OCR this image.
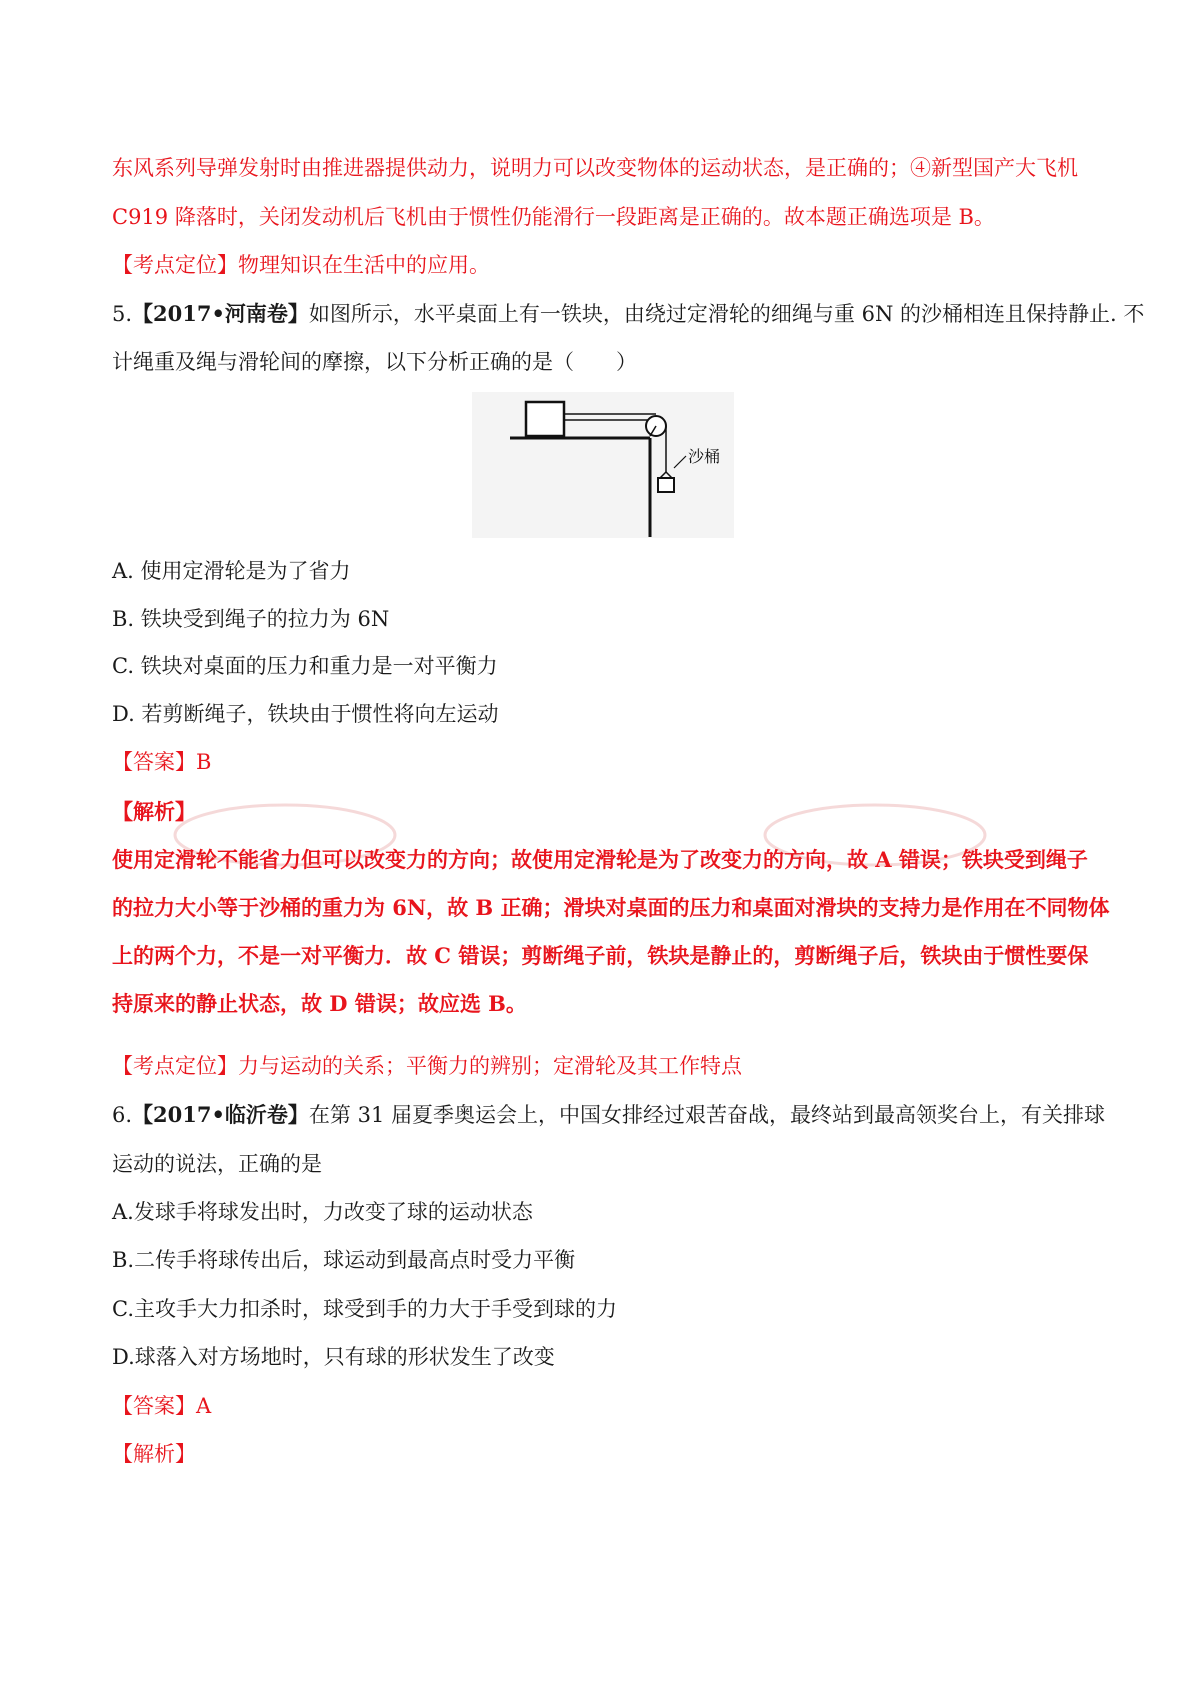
东风系列导弹发射时由推进器提供动力，说明力可以改变物体的运动状态，是正确的；④新型国产大飞机
C919 降落时，关闭发动机后飞机由于惯性仍能滑行一段距离是正确的。故本题正确选项是 B。
【考点定位】物理知识在生活中的应用。
5.【2017•河南卷】如图所示，水平桌面上有一铁块，由绕过定滑轮的细绳与重 6N 的沙桶相连且保持静止. 不
计绳重及绳与滑轮间的摩擦，以下分析正确的是（　　）
沙桶
A. 使用定滑轮是为了省力
B. 铁块受到绳子的拉力为 6N
C. 铁块对桌面的压力和重力是一对平衡力
D. 若剪断绳子，铁块由于惯性将向左运动
【答案】B
【解析】
使用定滑轮不能省力但可以改变力的方向；故使用定滑轮是为了改变力的方向，故 A 错误；铁块受到绳子
的拉力大小等于沙桶的重力为 6N，故 B 正确；滑块对桌面的压力和桌面对滑块的支持力是作用在不同物体
上的两个力，不是一对平衡力．故 C 错误；剪断绳子前，铁块是静止的，剪断绳子后，铁块由于惯性要保
持原来的静止状态，故 D 错误；故应选 B。
【考点定位】力与运动的关系；平衡力的辨别；定滑轮及其工作特点
6.【2017•临沂卷】在第 31 届夏季奥运会上，中国女排经过艰苦奋战，最终站到最高领奖台上，有关排球
运动的说法，正确的是
A.发球手将球发出时，力改变了球的运动状态
B.二传手将球传出后，球运动到最高点时受力平衡
C.主攻手大力扣杀时，球受到手的力大于手受到球的力
D.球落入对方场地时，只有球的形状发生了改变
【答案】A
【解析】
